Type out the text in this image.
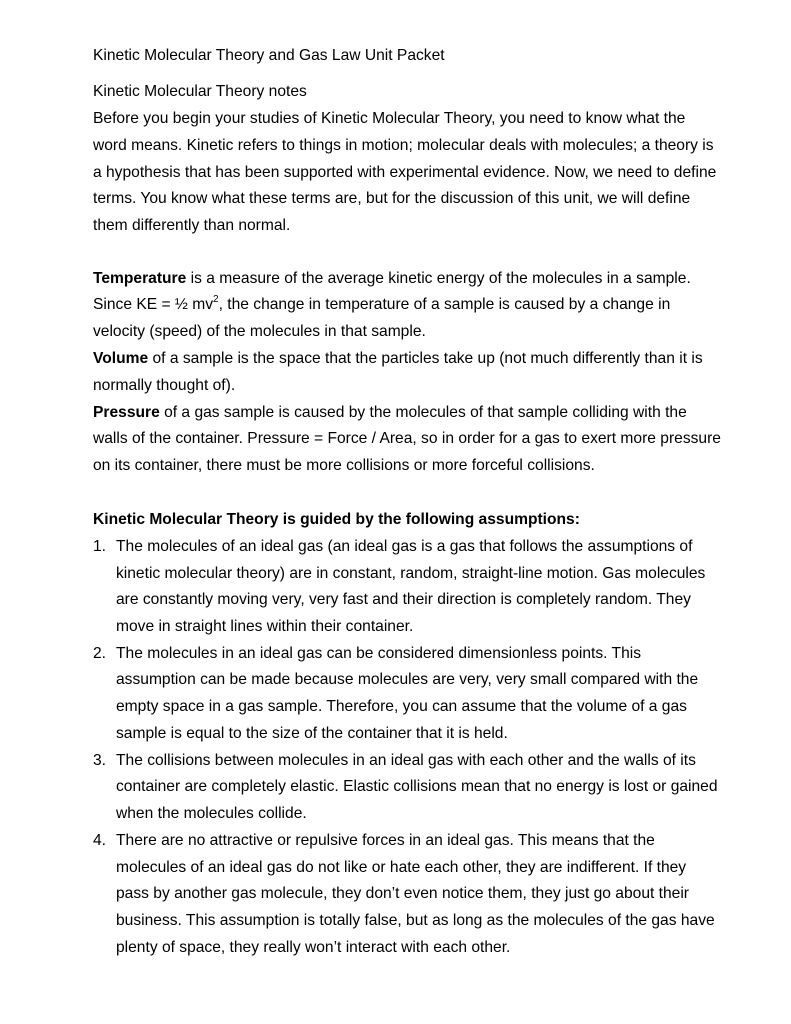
Kinetic Molecular Theory and Gas Law Unit Packet
Kinetic Molecular Theory notes
Before you begin your studies of Kinetic Molecular Theory, you need to know what the
word means. Kinetic refers to things in motion; molecular deals with molecules; a theory is
a hypothesis that has been supported with experimental evidence. Now, we need to define
terms. You know what these terms are, but for the discussion of this unit, we will define
them differently than normal.
Temperature is a measure of the average kinetic energy of the molecules in a sample.
Since KE = ½ $mv^2$, the change in temperature of a sample is caused by a change in
velocity (speed) of the molecules in that sample.
Volume of a sample is the space that the particles take up (not much differently than it is
normally thought of).
Pressure of a gas sample is caused by the molecules of that sample colliding with the
walls of the container. Pressure = Force / Area, so in order for a gas to exert more pressure
on its container, there must be more collisions or more forceful collisions.
Kinetic Molecular Theory is guided by the following assumptions:
1. The molecules of an ideal gas (an ideal gas is a gas that follows the assumptions of
kinetic molecular theory) are in constant, random, straight-line motion. Gas molecules
are constantly moving very, very fast and their direction is completely random. They
move in straight lines within their container.
2. The molecules in an ideal gas can be considered dimensionless points. This
assumption can be made because molecules are very, very small compared with the
empty space in a gas sample. Therefore, you can assume that the volume of a gas
sample is equal to the size of the container that it is held.
3. The collisions between molecules in an ideal gas with each other and the walls of its
container are completely elastic. Elastic collisions mean that no energy is lost or gained
when the molecules collide.
4. There are no attractive or repulsive forces in an ideal gas. This means that the
molecules of an ideal gas do not like or hate each other, they are indifferent. If they
pass by another gas molecule, they don’t even notice them, they just go about their
business. This assumption is totally false, but as long as the molecules of the gas have
plenty of space, they really won’t interact with each other.
